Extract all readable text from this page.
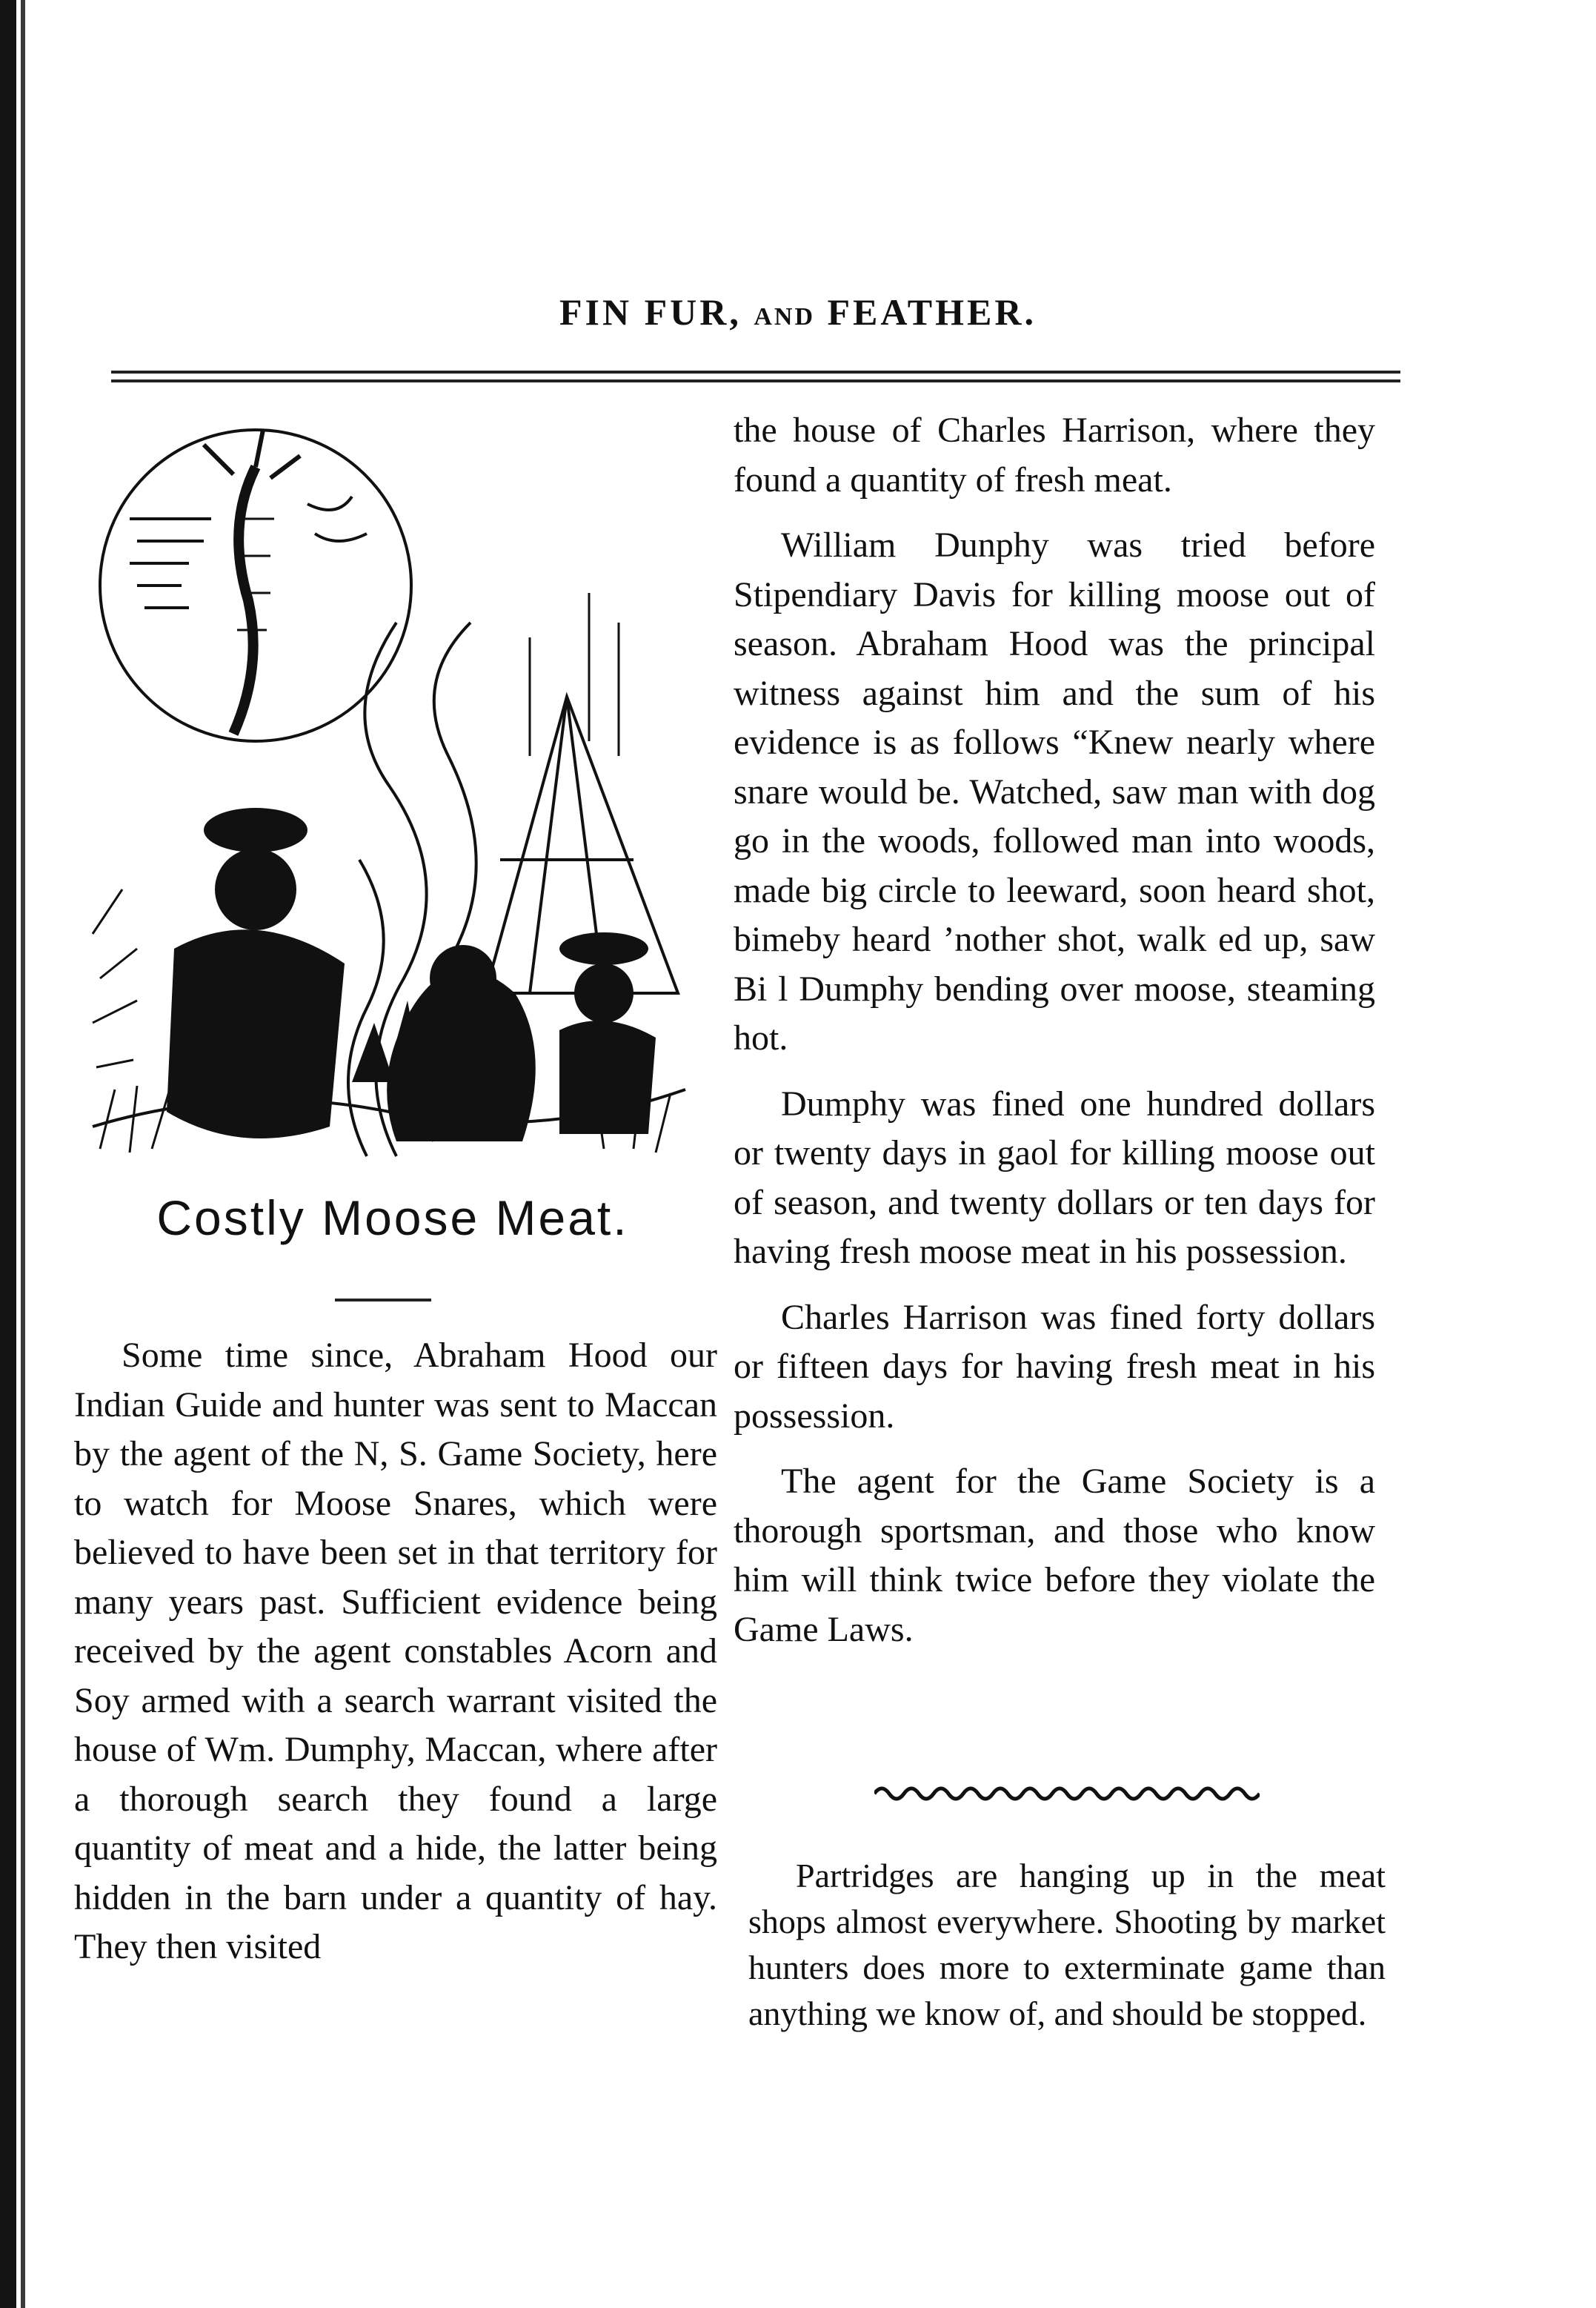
FIN FUR, AND FEATHER.
Costly Moose Meat.

Some time since, Abraham Hood our Indian Guide and hunter was sent to Maccan by the agent of the N, S. Game Society, here to watch for Moose Snares, which were believed to have been set in that territory for many years past. Sufficient evidence being received by the agent constables Acorn and Soy armed with a search warrant visited the house of Wm. Dumphy, Maccan, where after a thorough search they found a large quantity of meat and a hide, the latter being hidden in the barn under a quantity of hay. They then visited

the house of Charles Harrison, where they found a quantity of fresh meat.

William Dunphy was tried before Stipendiary Davis for killing moose out of season. Abraham Hood was the principal witness against him and the sum of his evidence is as follows “Knew nearly where snare would be. Watched, saw man with dog go in the woods, followed man into woods, made big circle to leeward, soon heard shot, bimeby heard ’nother shot, walk ed up, saw Bi l Dumphy bending over moose, steaming hot.

Dumphy was fined one hundred dollars or twenty days in gaol for killing moose out of season, and twenty dollars or ten days for having fresh moose meat in his possession.

Charles Harrison was fined forty dollars or fifteen days for having fresh meat in his possession.

The agent for the Game Society is a thorough sportsman, and those who know him will think twice before they violate the Game Laws.

Partridges are hanging up in the meat shops almost everywhere. Shooting by market hunters does more to exterminate game than anything we know of, and should be stopped.
